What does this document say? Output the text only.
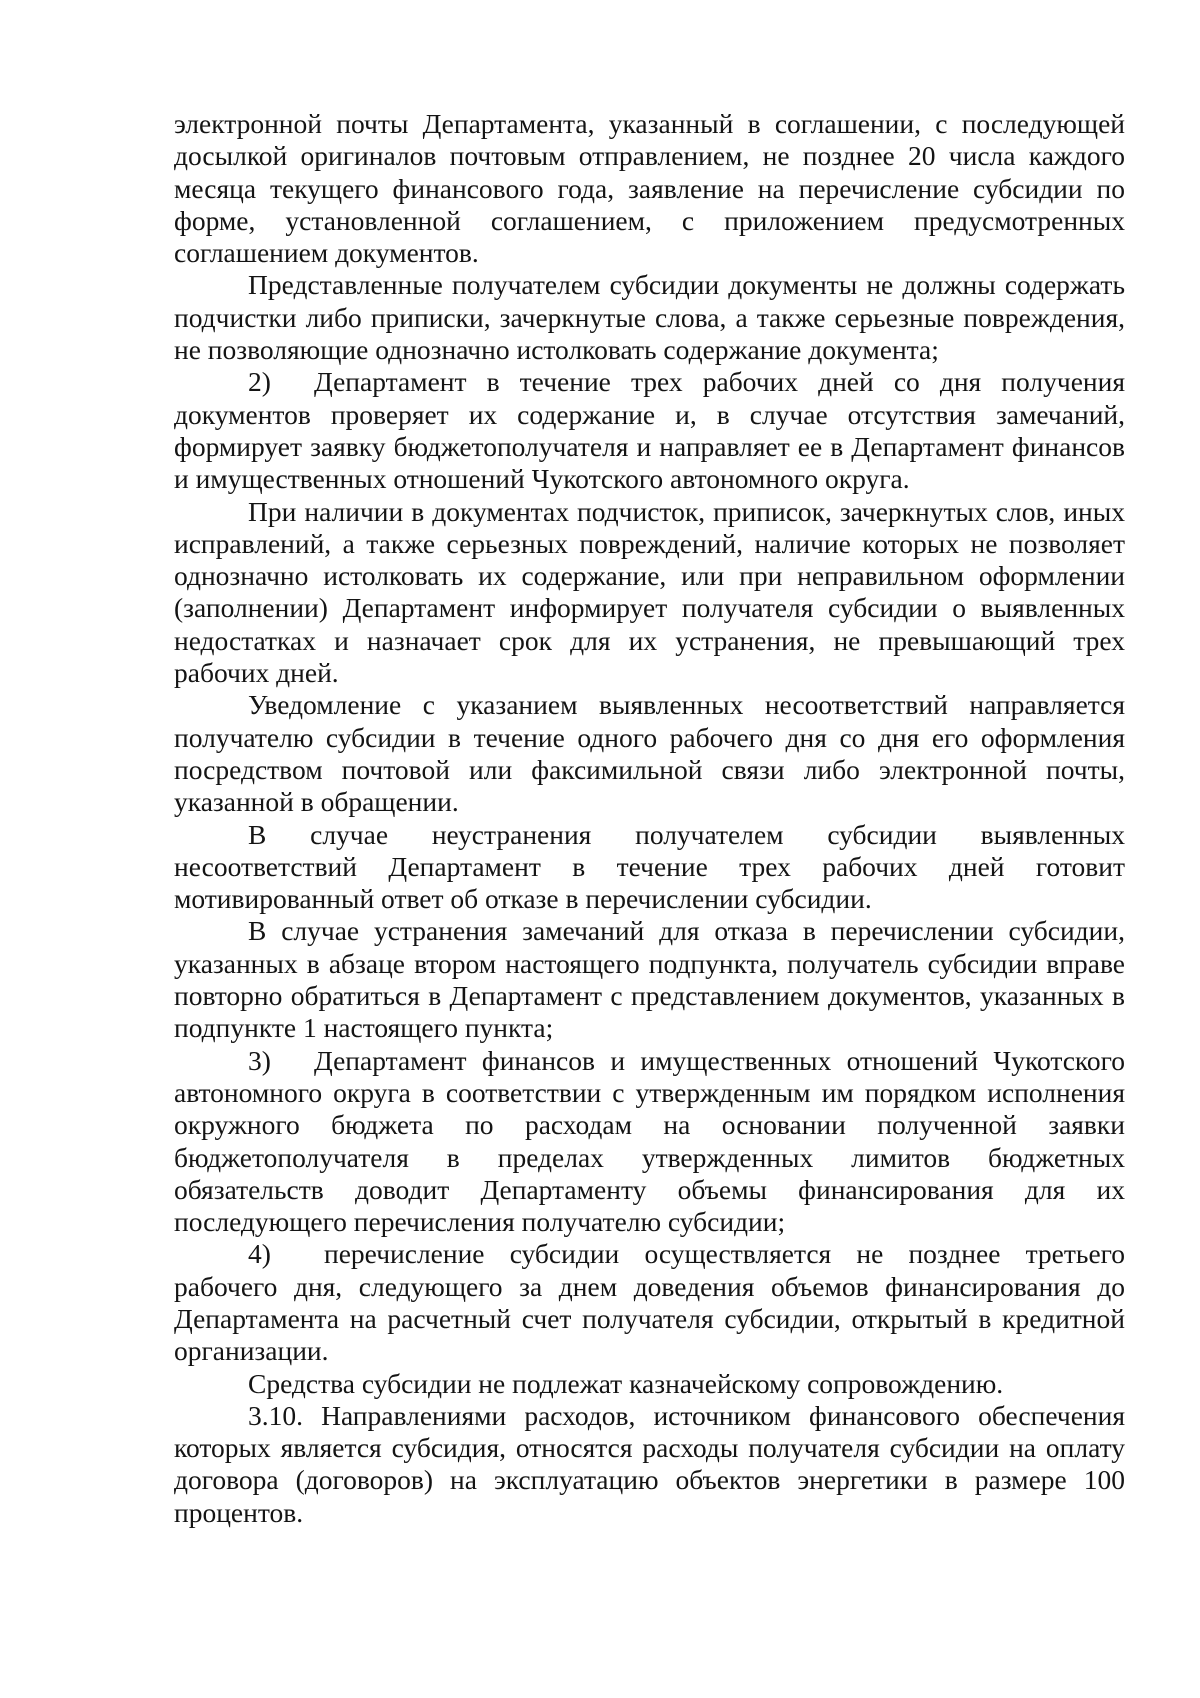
электронной почты Департамента, указанный в соглашении, с последующей досылкой оригиналов почтовым отправлением, не позднее 20 числа каждого месяца текущего финансового года, заявление на перечисление субсидии по форме, установленной соглашением, с приложением предусмотренных соглашением документов.

Представленные получателем субсидии документы не должны содержать подчистки либо приписки, зачеркнутые слова, а также серьезные повреждения, не позволяющие однозначно истолковать содержание документа;

2) Департамент в течение трех рабочих дней со дня получения документов проверяет их содержание и, в случае отсутствия замечаний, формирует заявку бюджетополучателя и направляет ее в Департамент финансов и имущественных отношений Чукотского автономного округа.

При наличии в документах подчисток, приписок, зачеркнутых слов, иных исправлений, а также серьезных повреждений, наличие которых не позволяет однозначно истолковать их содержание, или при неправильном оформлении (заполнении) Департамент информирует получателя субсидии о выявленных недостатках и назначает срок для их устранения, не превышающий трех рабочих дней.

Уведомление с указанием выявленных несоответствий направляется получателю субсидии в течение одного рабочего дня со дня его оформления посредством почтовой или факсимильной связи либо электронной почты, указанной в обращении.

В случае неустранения получателем субсидии выявленных несоответствий Департамент в течение трех рабочих дней готовит мотивированный ответ об отказе в перечислении субсидии.

В случае устранения замечаний для отказа в перечислении субсидии, указанных в абзаце втором настоящего подпункта, получатель субсидии вправе повторно обратиться в Департамент с представлением документов, указанных в подпункте 1 настоящего пункта;

3) Департамент финансов и имущественных отношений Чукотского автономного округа в соответствии с утвержденным им порядком исполнения окружного бюджета по расходам на основании полученной заявки бюджетополучателя в пределах утвержденных лимитов бюджетных обязательств доводит Департаменту объемы финансирования для их последующего перечисления получателю субсидии;

4) перечисление субсидии осуществляется не позднее третьего рабочего дня, следующего за днем доведения объемов финансирования до Департамента на расчетный счет получателя субсидии, открытый в кредитной организации.

Средства субсидии не подлежат казначейскому сопровождению.

3.10. Направлениями расходов, источником финансового обеспечения которых является субсидия, относятся расходы получателя субсидии на оплату договора (договоров) на эксплуатацию объектов энергетики в размере 100 процентов.
